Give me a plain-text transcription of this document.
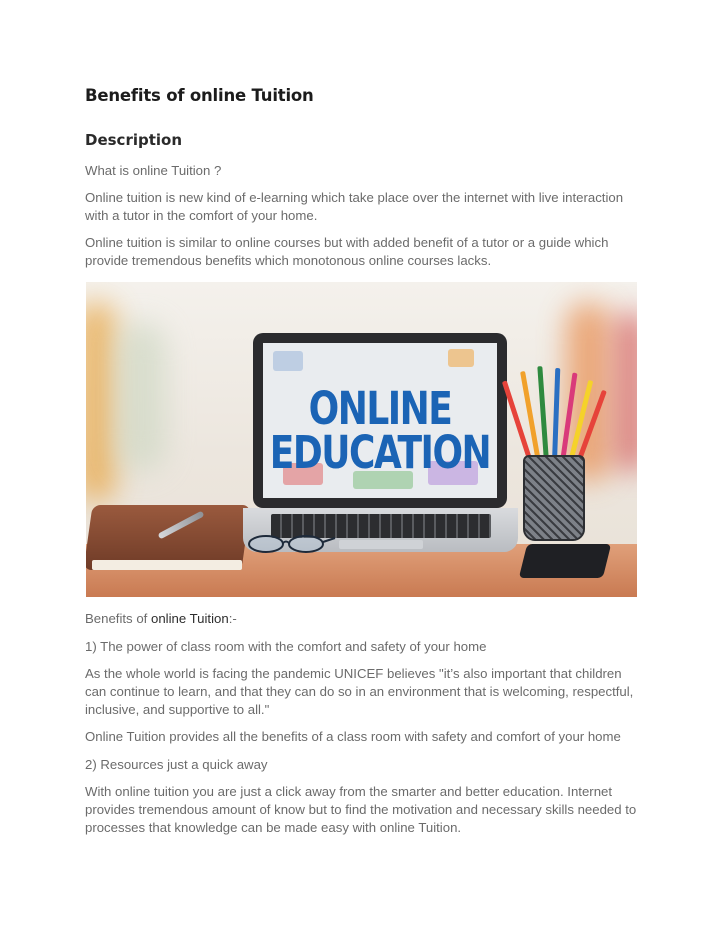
Benefits of online Tuition
Description

What is online Tuition ?

Online tuition is new kind of e-learning which take place over the internet with live interaction with a tutor in the comfort of your home.

Online tuition is similar to online courses but with added benefit of a tutor or a guide which provide tremendous benefits which monotonous online courses lacks.

ONLINE
EDUCATION

Benefits of online Tuition:-

1) The power of class room with the comfort and safety of your home

As the whole world is facing the pandemic UNICEF believes "it’s also important that children can continue to learn, and that they can do so in an environment that is welcoming, respectful, inclusive, and supportive to all."

Online Tuition provides all the benefits of a class room with safety and comfort of your home

2) Resources just a quick away

With online tuition you are just a click away from the smarter and better education. Internet provides tremendous amount of know but to find the motivation and necessary skills needed to processes that knowledge can be made easy with online Tuition.
